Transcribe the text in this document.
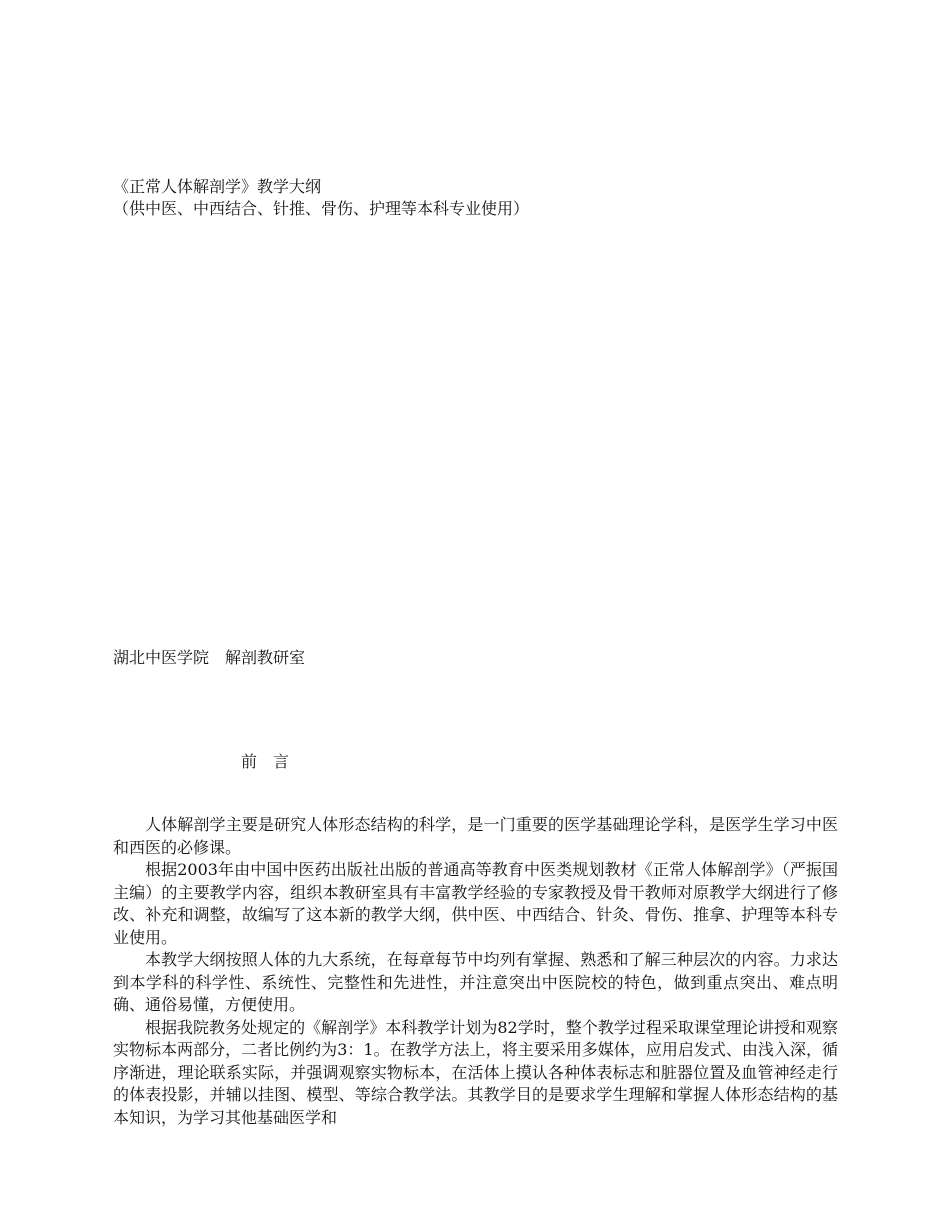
《正常人体解剖学》教学大纲
（供中医、中西结合、针推、骨伤、护理等本科专业使用）
湖北中医学院　解剖教研室
前　言

人体解剖学主要是研究人体形态结构的科学，是一门重要的医学基础理论学科，是医学生学习中医和西医的必修课。

根据2003年由中国中医药出版社出版的普通高等教育中医类规划教材《正常人体解剖学》（严振国主编）的主要教学内容，组织本教研室具有丰富教学经验的专家教授及骨干教师对原教学大纲进行了修改、补充和调整，故编写了这本新的教学大纲，供中医、中西结合、针灸、骨伤、推拿、护理等本科专业使用。

本教学大纲按照人体的九大系统，在每章每节中均列有掌握、熟悉和了解三种层次的内容。力求达到本学科的科学性、系统性、完整性和先进性，并注意突出中医院校的特色，做到重点突出、难点明确、通俗易懂，方便使用。

根据我院教务处规定的《解剖学》本科教学计划为82学时，整个教学过程采取课堂理论讲授和观察实物标本两部分，二者比例约为3：1。在教学方法上，将主要采用多媒体，应用启发式、由浅入深，循序渐进，理论联系实际，并强调观察实物标本，在活体上摸认各种体表标志和脏器位置及血管神经走行的体表投影，并辅以挂图、模型、等综合教学法。其教学目的是要求学生理解和掌握人体形态结构的基本知识，为学习其他基础医学和
